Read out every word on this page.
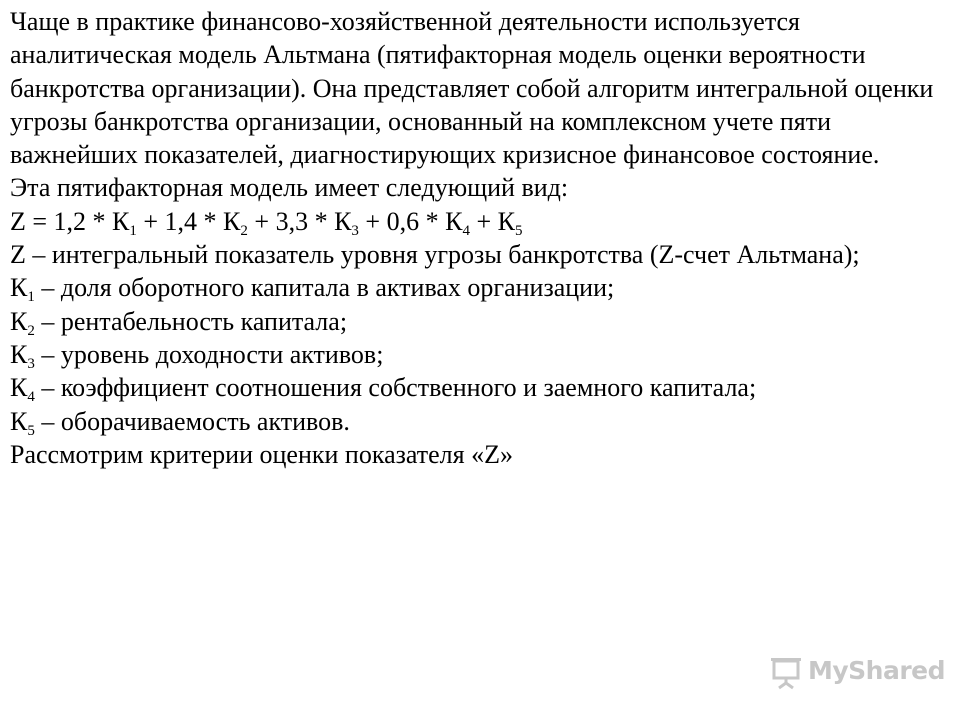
Чаще в практике финансово-хозяйственной деятельности используется аналитическая модель Альтмана (пятифакторная модель оценки вероятности банкротства организации). Она представляет собой алгоритм интегральной оценки угрозы банкротства организации, основанный на комплексном учете пяти важнейших показателей, диагностирующих кризисное финансовое состояние.

Эта пятифакторная модель имеет следующий вид:

$Z = 1,2 * К_1 + 1,4 * К_2 + 3,3 * К_3 + 0,6 * К_4 + К_5$

Z – интегральный показатель уровня угрозы банкротства (Z-счет Альтмана);

$К_1$ – доля оборотного капитала в активах организации;

$К_2$ – рентабельность капитала;

$К_3$ – уровень доходности активов;

$К_4$ – коэффициент соотношения собственного и заемного капитала;

$К_5$ – оборачиваемость активов.

Рассмотрим критерии оценки показателя «Z»

MyShared
